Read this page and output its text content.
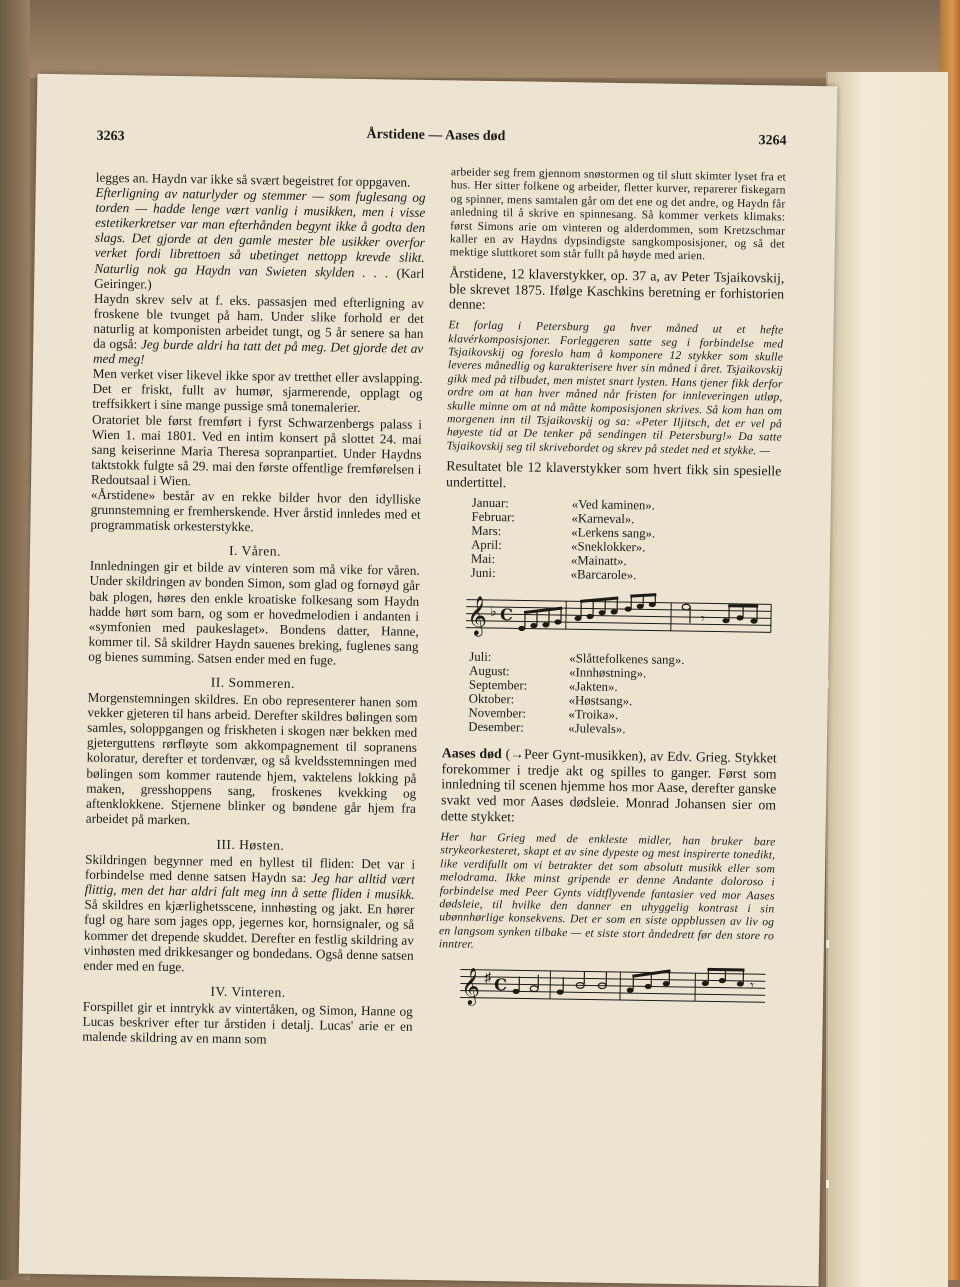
3263	Årstidene — Aases død	3264

legges an. Haydn var ikke så svært begeistret for oppgaven.

Efterligning av naturlyder og stemmer — som fuglesang og torden — hadde lenge vært vanlig i musikken, men i visse estetikerkretser var man efterhånden begynt ikke å godta den slags. Det gjorde at den gamle mester ble usikker overfor verket fordi librettoen så ubetinget nettopp krevde slikt. Naturlig nok ga Haydn van Swieten skylden . . . (Karl Geiringer.)

Haydn skrev selv at f. eks. passasjen med efterligning av froskene ble tvunget på ham. Under slike forhold er det naturlig at komponisten arbeidet tungt, og 5 år senere sa han da også: Jeg burde aldri ha tatt det på meg. Det gjorde det av med meg!

Men verket viser likevel ikke spor av tretthet eller avslapping. Det er friskt, fullt av humør, sjarmerende, opplagt og treffsikkert i sine mange pussige små tonemalerier.

Oratoriet ble først fremført i fyrst Schwarzenbergs palass i Wien 1. mai 1801. Ved en intim konsert på slottet 24. mai sang keiserinne Maria Theresa sopranpartiet. Under Haydns taktstokk fulgte så 29. mai den første offentlige fremførelsen i Redoutsaal i Wien.

«Årstidene» består av en rekke bilder hvor den idylliske grunnstemning er fremherskende. Hver årstid innledes med et programmatisk orkesterstykke.

I. Våren.

Innledningen gir et bilde av vinteren som må vike for våren. Under skildringen av bonden Simon, som glad og fornøyd går bak plogen, høres den enkle kroatiske folkesang som Haydn hadde hørt som barn, og som er hovedmelodien i andanten i «symfonien med paukeslaget». Bondens datter, Hanne, kommer til. Så skildrer Haydn sauenes breking, fuglenes sang og bienes summing. Satsen ender med en fuge.

II. Sommeren.

Morgenstemningen skildres. En obo representerer hanen som vekker gjeteren til hans arbeid. Derefter skildres bølingen som samles, soloppgangen og friskheten i skogen nær bekken med gjeterguttens rørfløyte som akkompagnement til sopranens koloratur, derefter et tordenvær, og så kveldsstemningen med bølingen som kommer rautende hjem, vaktelens lokking på maken, gresshoppens sang, froskenes kvekking og aftenklokkene. Stjernene blinker og bøndene går hjem fra arbeidet på marken.

III. Høsten.

Skildringen begynner med en hyllest til fliden: Det var i forbindelse med denne satsen Haydn sa: Jeg har alltid vært flittig, men det har aldri falt meg inn å sette fliden i musikk. Så skildres en kjærlighetsscene, innhøsting og jakt. En hører fugl og hare som jages opp, jegernes kor, hornsignaler, og så kommer det drepende skuddet. Derefter en festlig skildring av vinhøsten med drikkesanger og bondedans. Også denne satsen ender med en fuge.

IV. Vinteren.

Forspillet gir et inntrykk av vintertåken, og Simon, Hanne og Lucas beskriver efter tur årstiden i detalj. Lucas' arie er en malende skildring av en mann som

arbeider seg frem gjennom snøstormen og til slutt skimter lyset fra et hus. Her sitter folkene og arbeider, fletter kurver, reparerer fiskegarn og spinner, mens samtalen går om det ene og det andre, og Haydn får anledning til å skrive en spinnesang. Så kommer verkets klimaks: først Simons arie om vinteren og alderdommen, som Kretzschmar kaller en av Haydns dypsindigste sangkomposisjoner, og så det mektige sluttkoret som står fullt på høyde med arien.

Årstidene, 12 klaverstykker, op. 37 a, av Peter Tsjaikovskij, ble skrevet 1875. Ifølge Kaschkins beretning er forhistorien denne:

Et forlag i Petersburg ga hver måned ut et hefte klavérkomposisjoner. Forleggeren satte seg i forbindelse med Tsjaikovskij og foreslo ham å komponere 12 stykker som skulle leveres månedlig og karakterisere hver sin måned i året. Tsjaikovskij gikk med på tilbudet, men mistet snart lysten. Hans tjener fikk derfor ordre om at han hver måned når fristen for innleveringen utløp, skulle minne om at nå måtte komposisjonen skrives. Så kom han om morgenen inn til Tsjaikovskij og sa: «Peter Iljitsch, det er vel på høyeste tid at De tenker på sendingen til Petersburg!» Da satte Tsjaikovskij seg til skrivebordet og skrev på stedet ned et stykke. —

Resultatet ble 12 klaverstykker som hvert fikk sin spesielle undertittel.

Januar:	«Ved kaminen».
Februar:	«Karneval».
Mars:	«Lerkens sang».
April:	«Sneklokker».
Mai:	«Mainatt».
Juni:	«Barcarole».
𝄞 ♭ C	𝄾
Juli:	«Slåttefolkenes sang».
August:	«Innhøstning».
September:	«Jakten».
Oktober:	«Høstsang».
November:	«Troika».
Desember:	«Julevals».

Aases død (→Peer Gynt-musikken), av Edv. Grieg. Stykket forekommer i tredje akt og spilles to ganger. Først som innledning til scenen hjemme hos mor Aase, derefter ganske svakt ved mor Aases dødsleie. Monrad Johansen sier om dette stykket:

Her har Grieg med de enkleste midler, han bruker bare strykeorkesteret, skapt et av sine dypeste og mest inspirerte tonedikt, like verdifullt om vi betrakter det som absolutt musikk eller som melodrama. Ikke minst gripende er denne Andante doloroso i forbindelse med Peer Gynts vidtflyvende fantasier ved mor Aases dødsleie, til hvilke den danner en uhyggelig kontrast i sin ubønnhørlige konsekvens. Det er som en siste oppblussen av liv og en langsom synken tilbake — et siste stort åndedrett før den store ro inntrer.

𝄞 ♯ C	𝄾
